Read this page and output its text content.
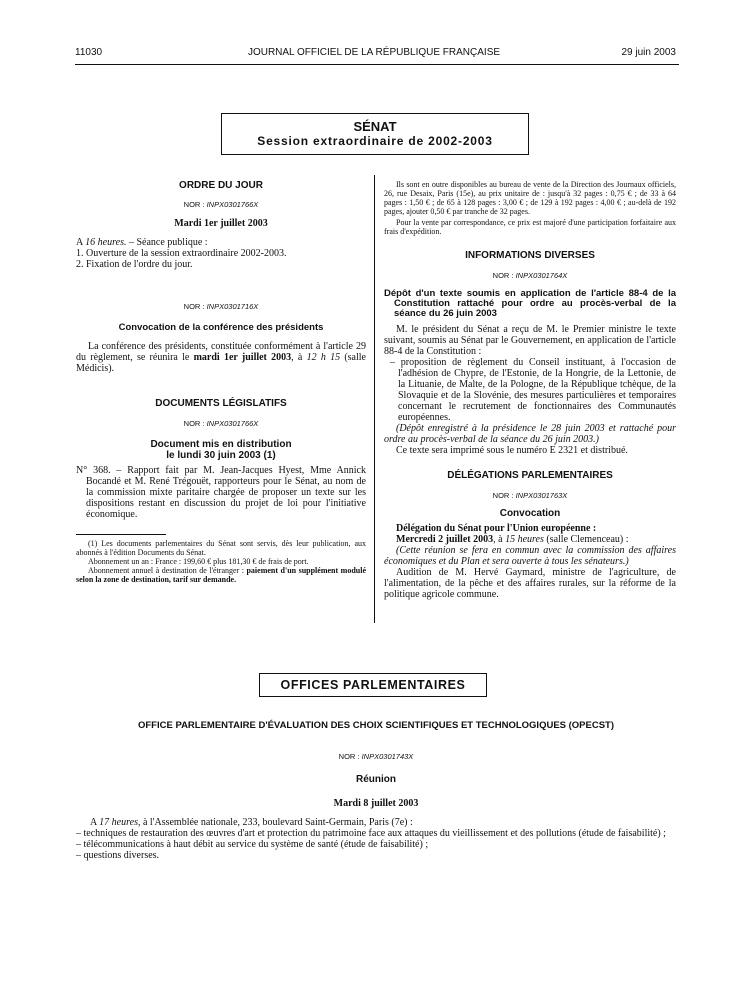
11030	JOURNAL OFFICIEL DE LA RÉPUBLIQUE FRANÇAISE	29 juin 2003
SÉNAT
Session extraordinaire de 2002-2003
ORDRE DU JOUR
NOR : INPX0301766X
Mardi 1er juillet 2003

A 16 heures. – Séance publique :

1. Ouverture de la session extraordinaire 2002-2003.

2. Fixation de l'ordre du jour.

NOR : INPX0301716X
Convocation de la conférence des présidents

La conférence des présidents, constituée conformément à l'article 29 du règlement, se réunira le mardi 1er juillet 2003, à 12 h 15 (salle Médicis).

DOCUMENTS LÉGISLATIFS
NOR : INPX0301766X
Document mis en distribution
le lundi 30 juin 2003 (1)

N° 368. – Rapport fait par M. Jean-Jacques Hyest, Mme Annick Bocandé et M. René Trégouët, rapporteurs pour le Sénat, au nom de la commission mixte paritaire chargée de proposer un texte sur les dispositions restant en discussion du projet de loi pour l'initiative économique.

(1) Les documents parlementaires du Sénat sont servis, dès leur publication, aux abonnés à l'édition Documents du Sénat.

Abonnement un an : France : 199,60 € plus 181,30 € de frais de port.

Abonnement annuel à destination de l'étranger : paiement d'un supplément modulé selon la zone de destination, tarif sur demande.

Ils sont en outre disponibles au bureau de vente de la Direction des Journaux officiels, 26, rue Desaix, Paris (15e), au prix unitaire de : jusqu'à 32 pages : 0,75 € ; de 33 à 64 pages : 1,50 € ; de 65 à 128 pages : 3,00 € ; de 129 à 192 pages : 4,00 € ; au-delà de 192 pages, ajouter 0,50 € par tranche de 32 pages.

Pour la vente par correspondance, ce prix est majoré d'une participation forfaitaire aux frais d'expédition.

INFORMATIONS DIVERSES
NOR : INPX0301764X
Dépôt d'un texte soumis en application de l'article 88-4 de la Constitution rattaché pour ordre au procès-verbal de la séance du 26 juin 2003

M. le président du Sénat a reçu de M. le Premier ministre le texte suivant, soumis au Sénat par le Gouvernement, en application de l'article 88-4 de la Constitution :

– proposition de règlement du Conseil instituant, à l'occasion de l'adhésion de Chypre, de l'Estonie, de la Hongrie, de la Lettonie, de la Lituanie, de Malte, de la Pologne, de la République tchèque, de la Slovaquie et de la Slovénie, des mesures particulières et temporaires concernant le recrutement de fonctionnaires des Communautés européennes.

(Dépôt enregistré à la présidence le 28 juin 2003 et rattaché pour ordre au procès-verbal de la séance du 26 juin 2003.)

Ce texte sera imprimé sous le numéro E 2321 et distribué.

DÉLÉGATIONS PARLEMENTAIRES
NOR : INPX0301763X
Convocation

Délégation du Sénat pour l'Union européenne :

Mercredi 2 juillet 2003, à 15 heures (salle Clemenceau) :

(Cette réunion se fera en commun avec la commission des affaires économiques et du Plan et sera ouverte à tous les sénateurs.)

Audition de M. Hervé Gaymard, ministre de l'agriculture, de l'alimentation, de la pêche et des affaires rurales, sur la réforme de la politique agricole commune.

OFFICES PARLEMENTAIRES
OFFICE PARLEMENTAIRE D'ÉVALUATION DES CHOIX SCIENTIFIQUES ET TECHNOLOGIQUES (OPECST)
NOR : INPX0301743X
Réunion
Mardi 8 juillet 2003

A 17 heures, à l'Assemblée nationale, 233, boulevard Saint-Germain, Paris (7e) :

– techniques de restauration des œuvres d'art et protection du patrimoine face aux attaques du vieillissement et des pollutions (étude de faisabilité) ;

– télécommunications à haut débit au service du système de santé (étude de faisabilité) ;

– questions diverses.
